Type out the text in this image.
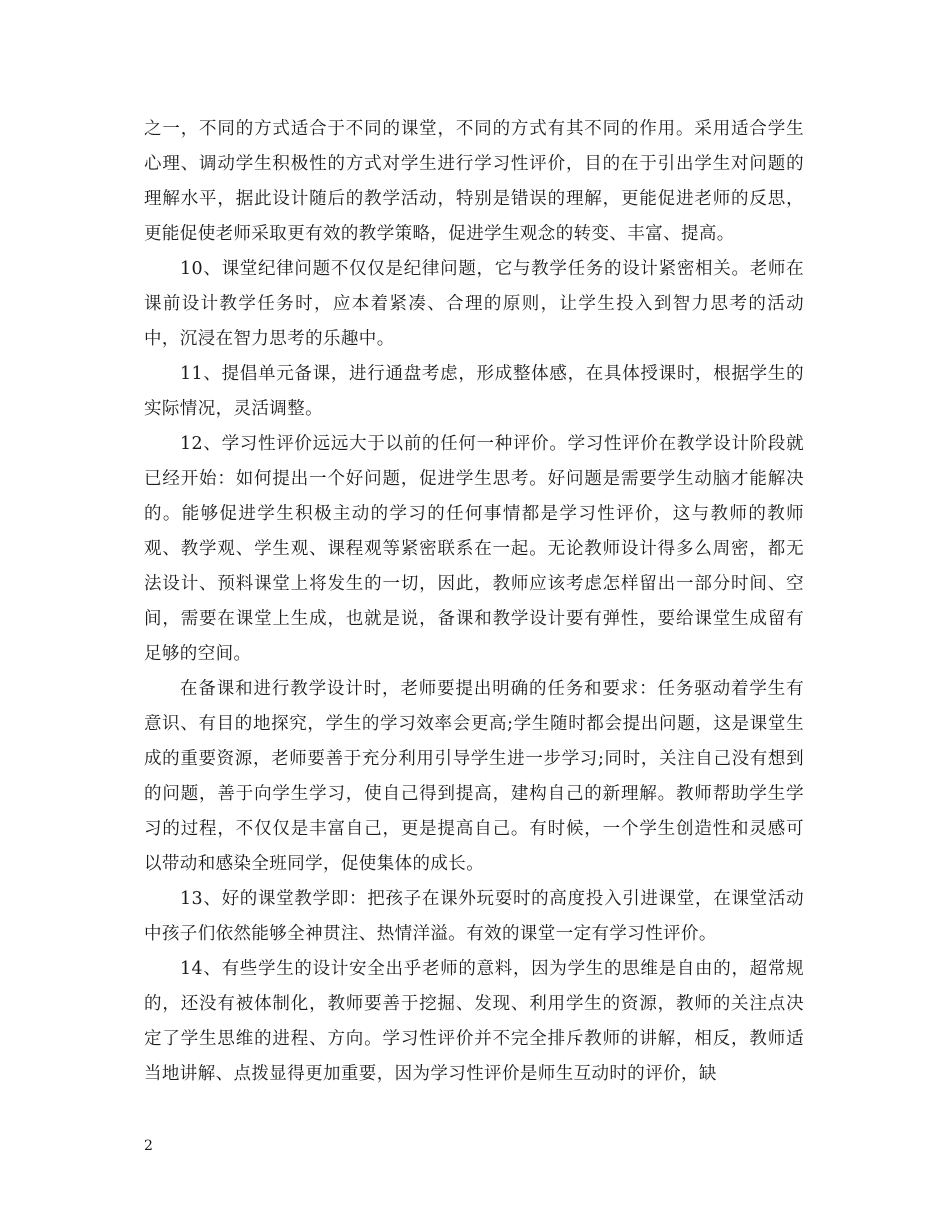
之一，不同的方式适合于不同的课堂，不同的方式有其不同的作用。采用适合学生心理、调动学生积极性的方式对学生进行学习性评价，目的在于引出学生对问题的理解水平，据此设计随后的教学活动，特别是错误的理解，更能促进老师的反思，更能促使老师采取更有效的教学策略，促进学生观念的转变、丰富、提高。

10、课堂纪律问题不仅仅是纪律问题，它与教学任务的设计紧密相关。老师在课前设计教学任务时，应本着紧凑、合理的原则，让学生投入到智力思考的活动中，沉浸在智力思考的乐趣中。

11、提倡单元备课，进行通盘考虑，形成整体感，在具体授课时，根据学生的实际情况，灵活调整。

12、学习性评价远远大于以前的任何一种评价。学习性评价在教学设计阶段就已经开始：如何提出一个好问题，促进学生思考。好问题是需要学生动脑才能解决的。能够促进学生积极主动的学习的任何事情都是学习性评价，这与教师的教师观、教学观、学生观、课程观等紧密联系在一起。无论教师设计得多么周密，都无法设计、预料课堂上将发生的一切，因此，教师应该考虑怎样留出一部分时间、空间，需要在课堂上生成，也就是说，备课和教学设计要有弹性，要给课堂生成留有足够的空间。

在备课和进行教学设计时，老师要提出明确的任务和要求：任务驱动着学生有意识、有目的地探究，学生的学习效率会更高;学生随时都会提出问题，这是课堂生成的重要资源，老师要善于充分利用引导学生进一步学习;同时，关注自己没有想到的问题，善于向学生学习，使自己得到提高，建构自己的新理解。教师帮助学生学习的过程，不仅仅是丰富自己，更是提高自己。有时候，一个学生创造性和灵感可以带动和感染全班同学，促使集体的成长。

13、好的课堂教学即：把孩子在课外玩耍时的高度投入引进课堂，在课堂活动中孩子们依然能够全神贯注、热情洋溢。有效的课堂一定有学习性评价。

14、有些学生的设计安全出乎老师的意料，因为学生的思维是自由的，超常规的，还没有被体制化，教师要善于挖掘、发现、利用学生的资源，教师的关注点决定了学生思维的进程、方向。学习性评价并不完全排斥教师的讲解，相反，教师适当地讲解、点拨显得更加重要，因为学习性评价是师生互动时的评价，缺

2
